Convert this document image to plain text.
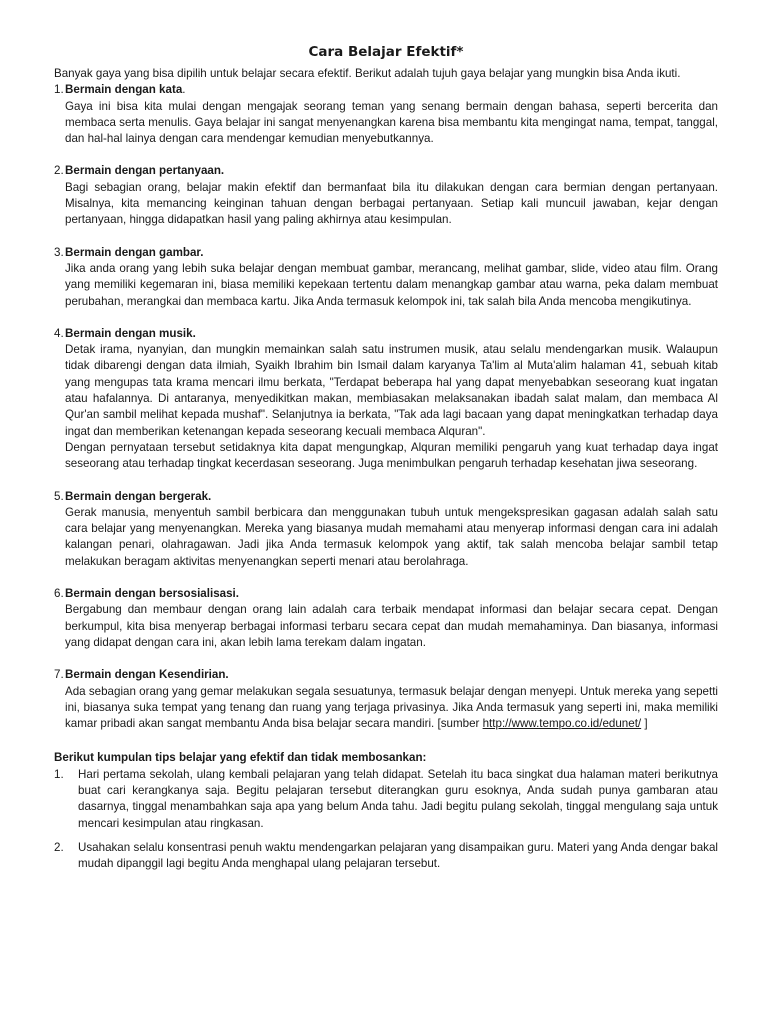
Cara Belajar Efektif*

Banyak gaya yang bisa dipilih untuk belajar secara efektif. Berikut adalah tujuh gaya belajar yang mungkin bisa Anda ikuti.

1. Bermain dengan kata.

Gaya ini bisa kita mulai dengan mengajak seorang teman yang senang bermain dengan bahasa, seperti bercerita dan membaca serta menulis. Gaya belajar ini sangat menyenangkan karena bisa membantu kita mengingat nama, tempat, tanggal, dan hal-hal lainya dengan cara mendengar kemudian menyebutkannya.

2. Bermain dengan pertanyaan.

Bagi sebagian orang, belajar makin efektif dan bermanfaat bila itu dilakukan dengan cara bermian dengan pertanyaan. Misalnya, kita memancing keinginan tahuan dengan berbagai pertanyaan. Setiap kali muncuil jawaban, kejar dengan pertanyaan, hingga didapatkan hasil yang paling akhirnya atau kesimpulan.

3. Bermain dengan gambar.

Jika anda orang yang lebih suka belajar dengan membuat gambar, merancang, melihat gambar, slide, video atau film. Orang yang memiliki kegemaran ini, biasa memiliki kepekaan tertentu dalam menangkap gambar atau warna, peka dalam membuat perubahan, merangkai dan membaca kartu. Jika Anda termasuk kelompok ini, tak salah bila Anda mencoba mengikutinya.

4. Bermain dengan musik.

Detak irama, nyanyian, dan mungkin memainkan salah satu instrumen musik, atau selalu mendengarkan musik. Walaupun tidak dibarengi dengan data ilmiah, Syaikh Ibrahim bin Ismail dalam karyanya Ta'lim al Muta'alim halaman 41, sebuah kitab yang mengupas tata krama mencari ilmu berkata, "Terdapat beberapa hal yang dapat menyebabkan seseorang kuat ingatan atau hafalannya. Di antaranya, menyedikitkan makan, membiasakan melaksanakan ibadah salat malam, dan membaca Al Qur'an sambil melihat kepada mushaf". Selanjutnya ia berkata, "Tak ada lagi bacaan yang dapat meningkatkan terhadap daya ingat dan memberikan ketenangan kepada seseorang kecuali membaca Alquran".

Dengan pernyataan tersebut setidaknya kita dapat mengungkap, Alquran memiliki pengaruh yang kuat terhadap daya ingat seseorang atau terhadap tingkat kecerdasan seseorang. Juga menimbulkan pengaruh terhadap kesehatan jiwa seseorang.

5. Bermain dengan bergerak.

Gerak manusia, menyentuh sambil berbicara dan menggunakan tubuh untuk mengekspresikan gagasan adalah salah satu cara belajar yang menyenangkan. Mereka yang biasanya mudah memahami atau menyerap informasi dengan cara ini adalah kalangan penari, olahragawan. Jadi jika Anda termasuk kelompok yang aktif, tak salah mencoba belajar sambil tetap melakukan beragam aktivitas menyenangkan seperti menari atau berolahraga.

6. Bermain dengan bersosialisasi.

Bergabung dan membaur dengan orang lain adalah cara terbaik mendapat informasi dan belajar secara cepat. Dengan berkumpul, kita bisa menyerap berbagai informasi terbaru secara cepat dan mudah memahaminya. Dan biasanya, informasi yang didapat dengan cara ini, akan lebih lama terekam dalam ingatan.

7. Bermain dengan Kesendirian.

Ada sebagian orang yang gemar melakukan segala sesuatunya, termasuk belajar dengan menyepi. Untuk mereka yang sepetti ini, biasanya suka tempat yang tenang dan ruang yang terjaga privasinya. Jika Anda termasuk yang seperti ini, maka memiliki kamar pribadi akan sangat membantu Anda bisa belajar secara mandiri. [sumber http://www.tempo.co.id/edunet/ ]

Berikut kumpulan tips belajar yang efektif dan tidak membosankan:

1.	Hari pertama sekolah, ulang kembali pelajaran yang telah didapat. Setelah itu baca singkat dua halaman materi berikutnya buat cari kerangkanya saja. Begitu pelajaran tersebut diterangkan guru esoknya, Anda sudah punya gambaran atau dasarnya, tinggal menambahkan saja apa yang belum Anda tahu. Jadi begitu pulang sekolah, tinggal mengulang saja untuk mencari kesimpulan atau ringkasan.
2.	Usahakan selalu konsentrasi penuh waktu mendengarkan pelajaran yang disampaikan guru. Materi yang Anda dengar bakal mudah dipanggil lagi begitu Anda menghapal ulang pelajaran tersebut.
